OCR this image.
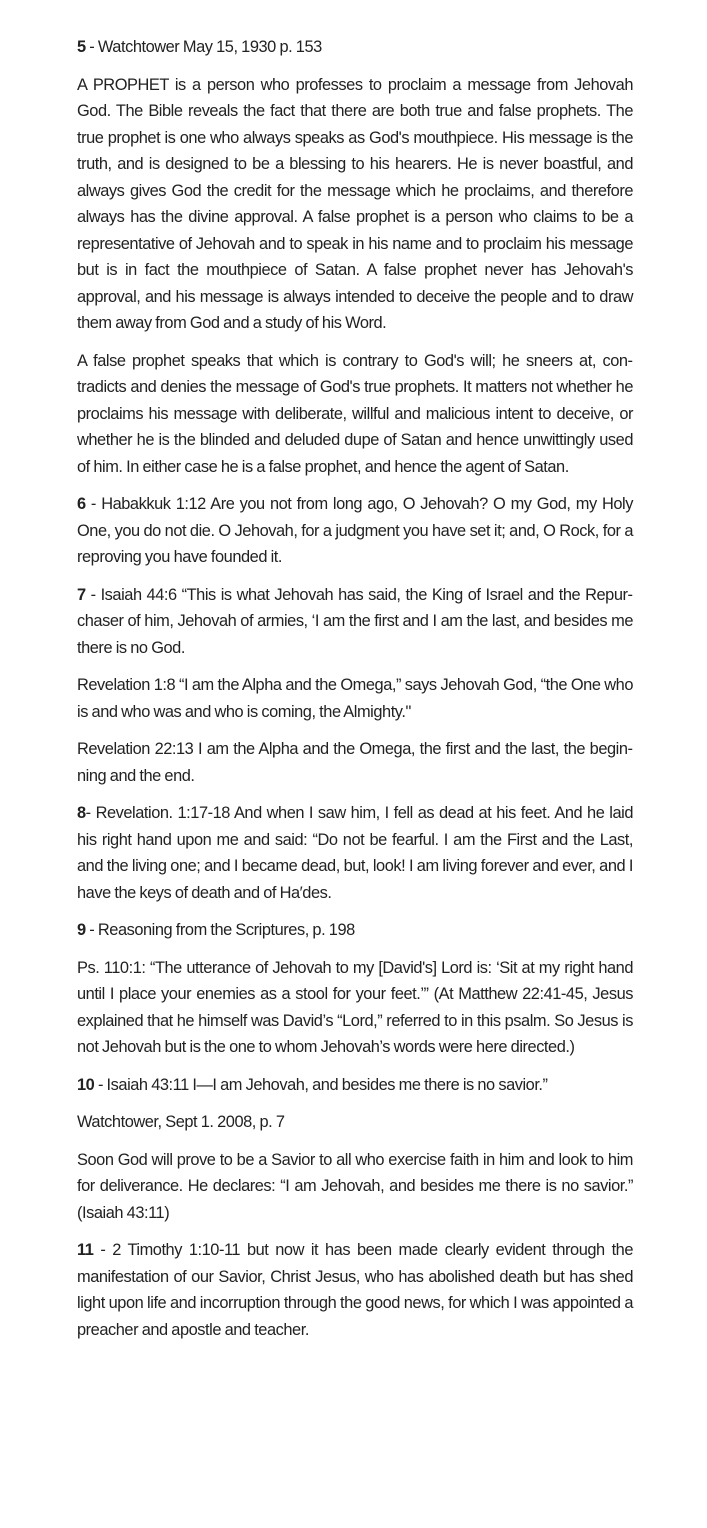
5 - Watchtower May 15, 1930 p. 153

A PROPHET is a person who professes to proclaim a message from Jehovah God. The Bible reveals the fact that there are both true and false prophets. The true prophet is one who always speaks as God's mouthpiece. His message is the truth, and is designed to be a blessing to his hearers. He is never boastful, and always gives God the credit for the message which he proclaims, and therefore always has the divine approval. A false prophet is a person who claims to be a representative of Jehovah and to speak in his name and to proclaim his message but is in fact the mouthpiece of Satan. A false prophet never has Jehovah's approval, and his message is always intended to deceive the people and to draw them away from God and a study of his Word.

A false prophet speaks that which is contrary to God's will; he sneers at, contradicts and denies the message of God's true prophets. It matters not whether he proclaims his message with deliberate, willful and malicious intent to deceive, or whether he is the blinded and deluded dupe of Satan and hence unwittingly used of him. In either case he is a false prophet, and hence the agent of Satan.

6 - Habakkuk 1:12 Are you not from long ago, O Jehovah? O my God, my Holy One, you do not die. O Jehovah, for a judgment you have set it; and, O Rock, for a reproving you have founded it.

7 - Isaiah 44:6 “This is what Jehovah has said, the King of Israel and the Repurchaser of him, Jehovah of armies, ‘I am the first and I am the last, and besides me there is no God.

Revelation 1:8 “I am the Alpha and the Omega,” says Jehovah God, “the One who is and who was and who is coming, the Almighty."

Revelation 22:13 I am the Alpha and the Omega, the first and the last, the beginning and the end.

8- Revelation. 1:17-18 And when I saw him, I fell as dead at his feet. And he laid his right hand upon me and said: “Do not be fearful. I am the First and the Last, and the living one; and I became dead, but, look! I am living forever and ever, and I have the keys of death and of Ha′des.

9 - Reasoning from the Scriptures, p. 198

Ps. 110:1: “The utterance of Jehovah to my [David's] Lord is: ‘Sit at my right hand until I place your enemies as a stool for your feet.’” (At Matthew 22:41-45, Jesus explained that he himself was David’s “Lord,” referred to in this psalm. So Jesus is not Jehovah but is the one to whom Jehovah’s words were here directed.)

10 - Isaiah 43:11 I—I am Jehovah, and besides me there is no savior.”

Watchtower, Sept 1. 2008, p. 7

Soon God will prove to be a Savior to all who exercise faith in him and look to him for deliverance. He declares: “I am Jehovah, and besides me there is no savior.” (Isaiah 43:11)

11 - 2 Timothy 1:10-11 but now it has been made clearly evident through the manifestation of our Savior, Christ Jesus, who has abolished death but has shed light upon life and incorruption through the good news, for which I was appointed a preacher and apostle and teacher.
